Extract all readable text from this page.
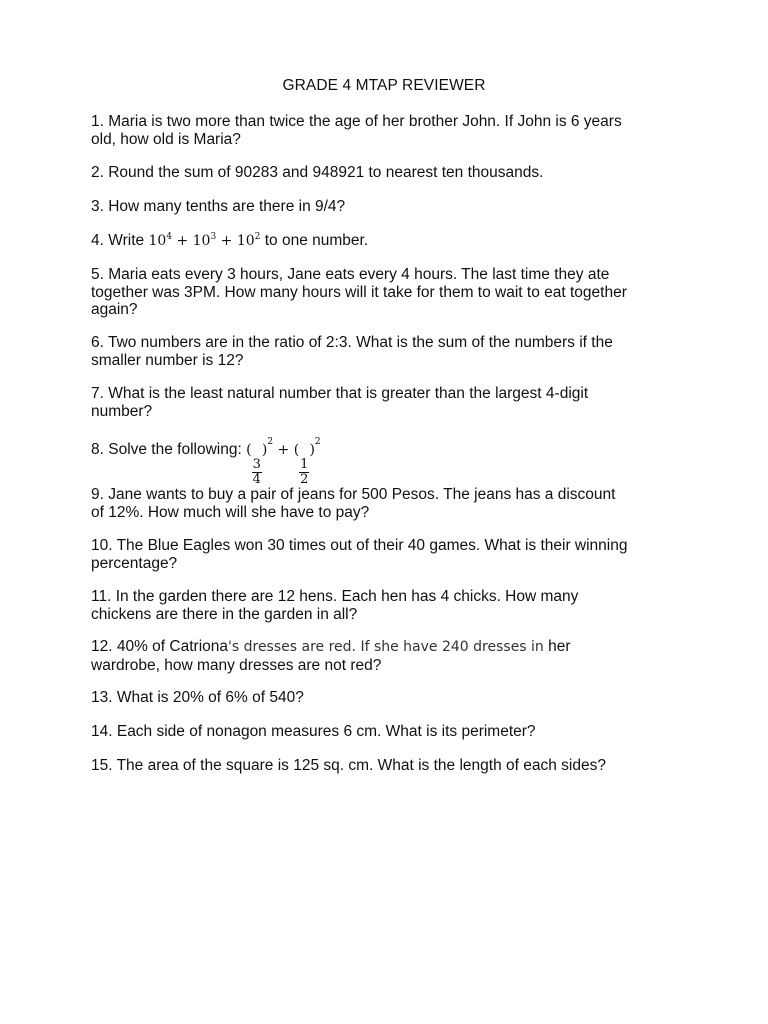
GRADE 4 MTAP REVIEWER

1. Maria is two more than twice the age of her brother John. If John is 6 years

old, how old is Maria?

2. Round the sum of 90283 and 948921 to nearest ten thousands.

3. How many tenths are there in 9/4?

4. Write $10^4 + 10^3 + 10^2$ to one number.

5. Maria eats every 3 hours, Jane eats every 4 hours. The last time they ate

together was 3PM. How many hours will it take for them to wait to eat together

again?

6. Two numbers are in the ratio of 2:3. What is the sum of the numbers if the

smaller number is 12?

7. What is the least natural number that is greater than the largest 4-digit

number?

8. Solve the following: (
$\frac{3}{4}$
)$^2$ + (
$\frac{1}{2}$
)$^2$

9. Jane wants to buy a pair of jeans for 500 Pesos. The jeans has a discount

of 12%. How much will she have to pay?

10. The Blue Eagles won 30 times out of their 40 games. What is their winning

percentage?

11. In the garden there are 12 hens. Each hen has 4 chicks. How many

chickens are there in the garden in all?

12. 40% of Catriona's dresses are red. If she have 240 dresses in her

wardrobe, how many dresses are not red?

13. What is 20% of 6% of 540?

14. Each side of nonagon measures 6 cm. What is its perimeter?

15. The area of the square is 125 sq. cm. What is the length of each sides?
